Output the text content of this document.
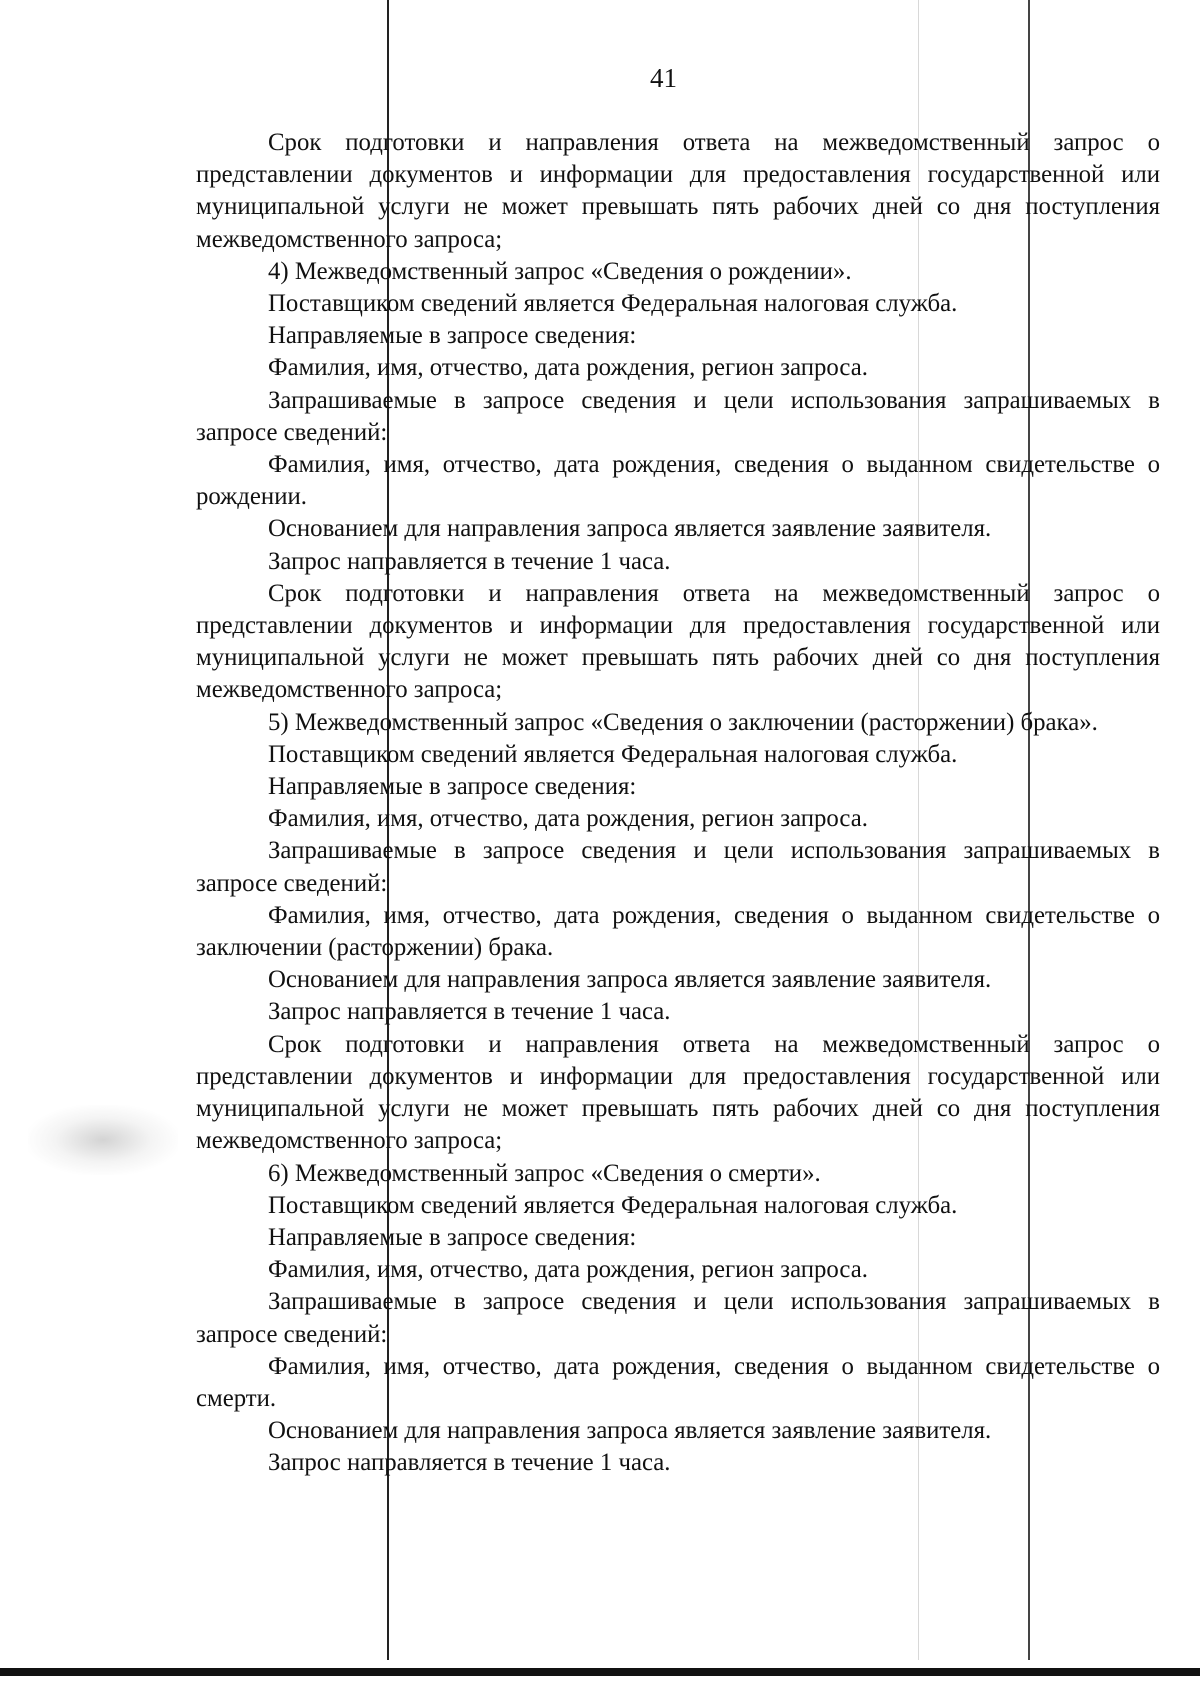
41

Срок подготовки и направления ответа на межведомственный запрос о представлении документов и информации для предоставления государственной или муниципальной услуги не может превышать пять рабочих дней со дня поступления межведомственного запроса;

4) Межведомственный запрос «Сведения о рождении».

Поставщиком сведений является Федеральная налоговая служба.

Направляемые в запросе сведения:

Фамилия, имя, отчество, дата рождения, регион запроса.

Запрашиваемые в запросе сведения и цели использования запрашиваемых в запросе сведений:

Фамилия, имя, отчество, дата рождения, сведения о выданном свидетельстве о рождении.

Основанием для направления запроса является заявление заявителя.

Запрос направляется в течение 1 часа.

Срок подготовки и направления ответа на межведомственный запрос о представлении документов и информации для предоставления государственной или муниципальной услуги не может превышать пять рабочих дней со дня поступления межведомственного запроса;

5) Межведомственный запрос «Сведения о заключении (расторжении) брака».

Поставщиком сведений является Федеральная налоговая служба.

Направляемые в запросе сведения:

Фамилия, имя, отчество, дата рождения, регион запроса.

Запрашиваемые в запросе сведения и цели использования запрашиваемых в запросе сведений:

Фамилия, имя, отчество, дата рождения, сведения о выданном свидетельстве о заключении (расторжении) брака.

Основанием для направления запроса является заявление заявителя.

Запрос направляется в течение 1 часа.

Срок подготовки и направления ответа на межведомственный запрос о представлении документов и информации для предоставления государственной или муниципальной услуги не может превышать пять рабочих дней со дня поступления межведомственного запроса;

6) Межведомственный запрос «Сведения о смерти».

Поставщиком сведений является Федеральная налоговая служба.

Направляемые в запросе сведения:

Фамилия, имя, отчество, дата рождения, регион запроса.

Запрашиваемые в запросе сведения и цели использования запрашиваемых в запросе сведений:

Фамилия, имя, отчество, дата рождения, сведения о выданном свидетельстве о смерти.

Основанием для направления запроса является заявление заявителя.

Запрос направляется в течение 1 часа.
